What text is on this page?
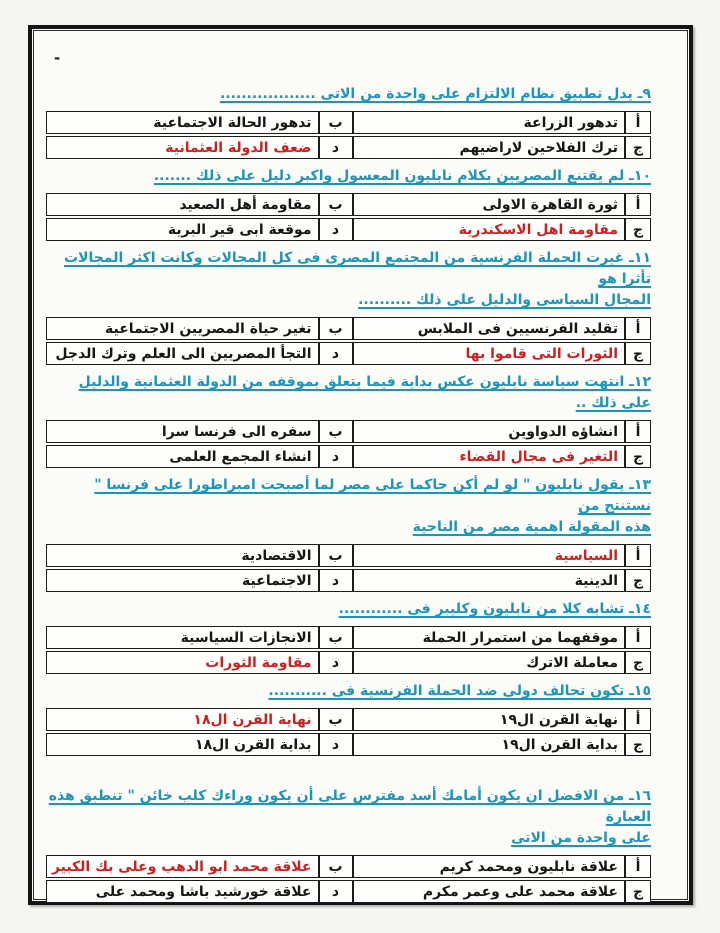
-
٩ـ يدل تطبيق نظام الالتزام على واحدة من الاتى ..................
أ	تدهور الزراعة	ب	تدهور الحالة الاجتماعية
ج	ترك الفلاحين لاراضيهم	د	ضعف الدولة العثمانية
١٠ـ لم يقتنع المصريين بكلام نابليون المعسول واكبر دليل على ذلك .......
أ	ثورة القاهرة الاولى	ب	مقاومة أهل الصعيد
ج	مقاومة اهل الاسكندرية	د	موقعة ابى قير البرية
١١ـ غيرت الحملة الفرنسية من المجتمع المصرى فى كل المجالات وكانت اكثر المجالات تأثرا هو
المجال السياسى والدليل على ذلك ..........
أ	تقليد الفرنسيين فى الملابس	ب	تغير حياة المصريين الاجتماعية
ج	الثورات التى قاموا بها	د	التجأ المصريين الى العلم وترك الدجل
١٢ـ انتهت سياسة نابليون عكس بداية فيما يتعلق بموقفه من الدولة العثمانية والدليل على ذلك ..
أ	انشاؤه الدواوين	ب	سفره الى فرنسا سرا
ج	التغير فى مجال القضاء	د	انشاء المجمع العلمى
١٣ـ يقول نابليون " لو لم أكن حاكما على مصر لما أصبحت امبراطورا على فرنسا " نستنتج من
هذه المقولة اهمية مصر من الناحية
أ	السياسية	ب	الاقتصادية
ج	الدينية	د	الاجتماعية
١٤ـ تشابه كلا من نابليون وكليبر فى ............
أ	موقفهما من استمرار الحملة	ب	الانجازات السياسية
ج	معاملة الاترك	د	مقاومة الثورات
١٥ـ تكون تحالف دولى ضد الحملة الفرنسية فى ...........
أ	نهاية القرن ال١٩	ب	نهاية القرن ال١٨
ج	بداية القرن ال١٩	د	بداية القرن ال١٨
١٦ـ من الافضل ان يكون أمامك أسد مفترس على أن يكون وراءك كلب خائن " تنطبق هذه العبارة
على واحدة من الاتى
أ	علاقة نابليون ومحمد كريم	ب	علاقة محمد ابو الدهب وعلى بك الكبير
ج	علاقة محمد على وعمر مكرم	د	علاقة خورشيد باشا ومحمد على
